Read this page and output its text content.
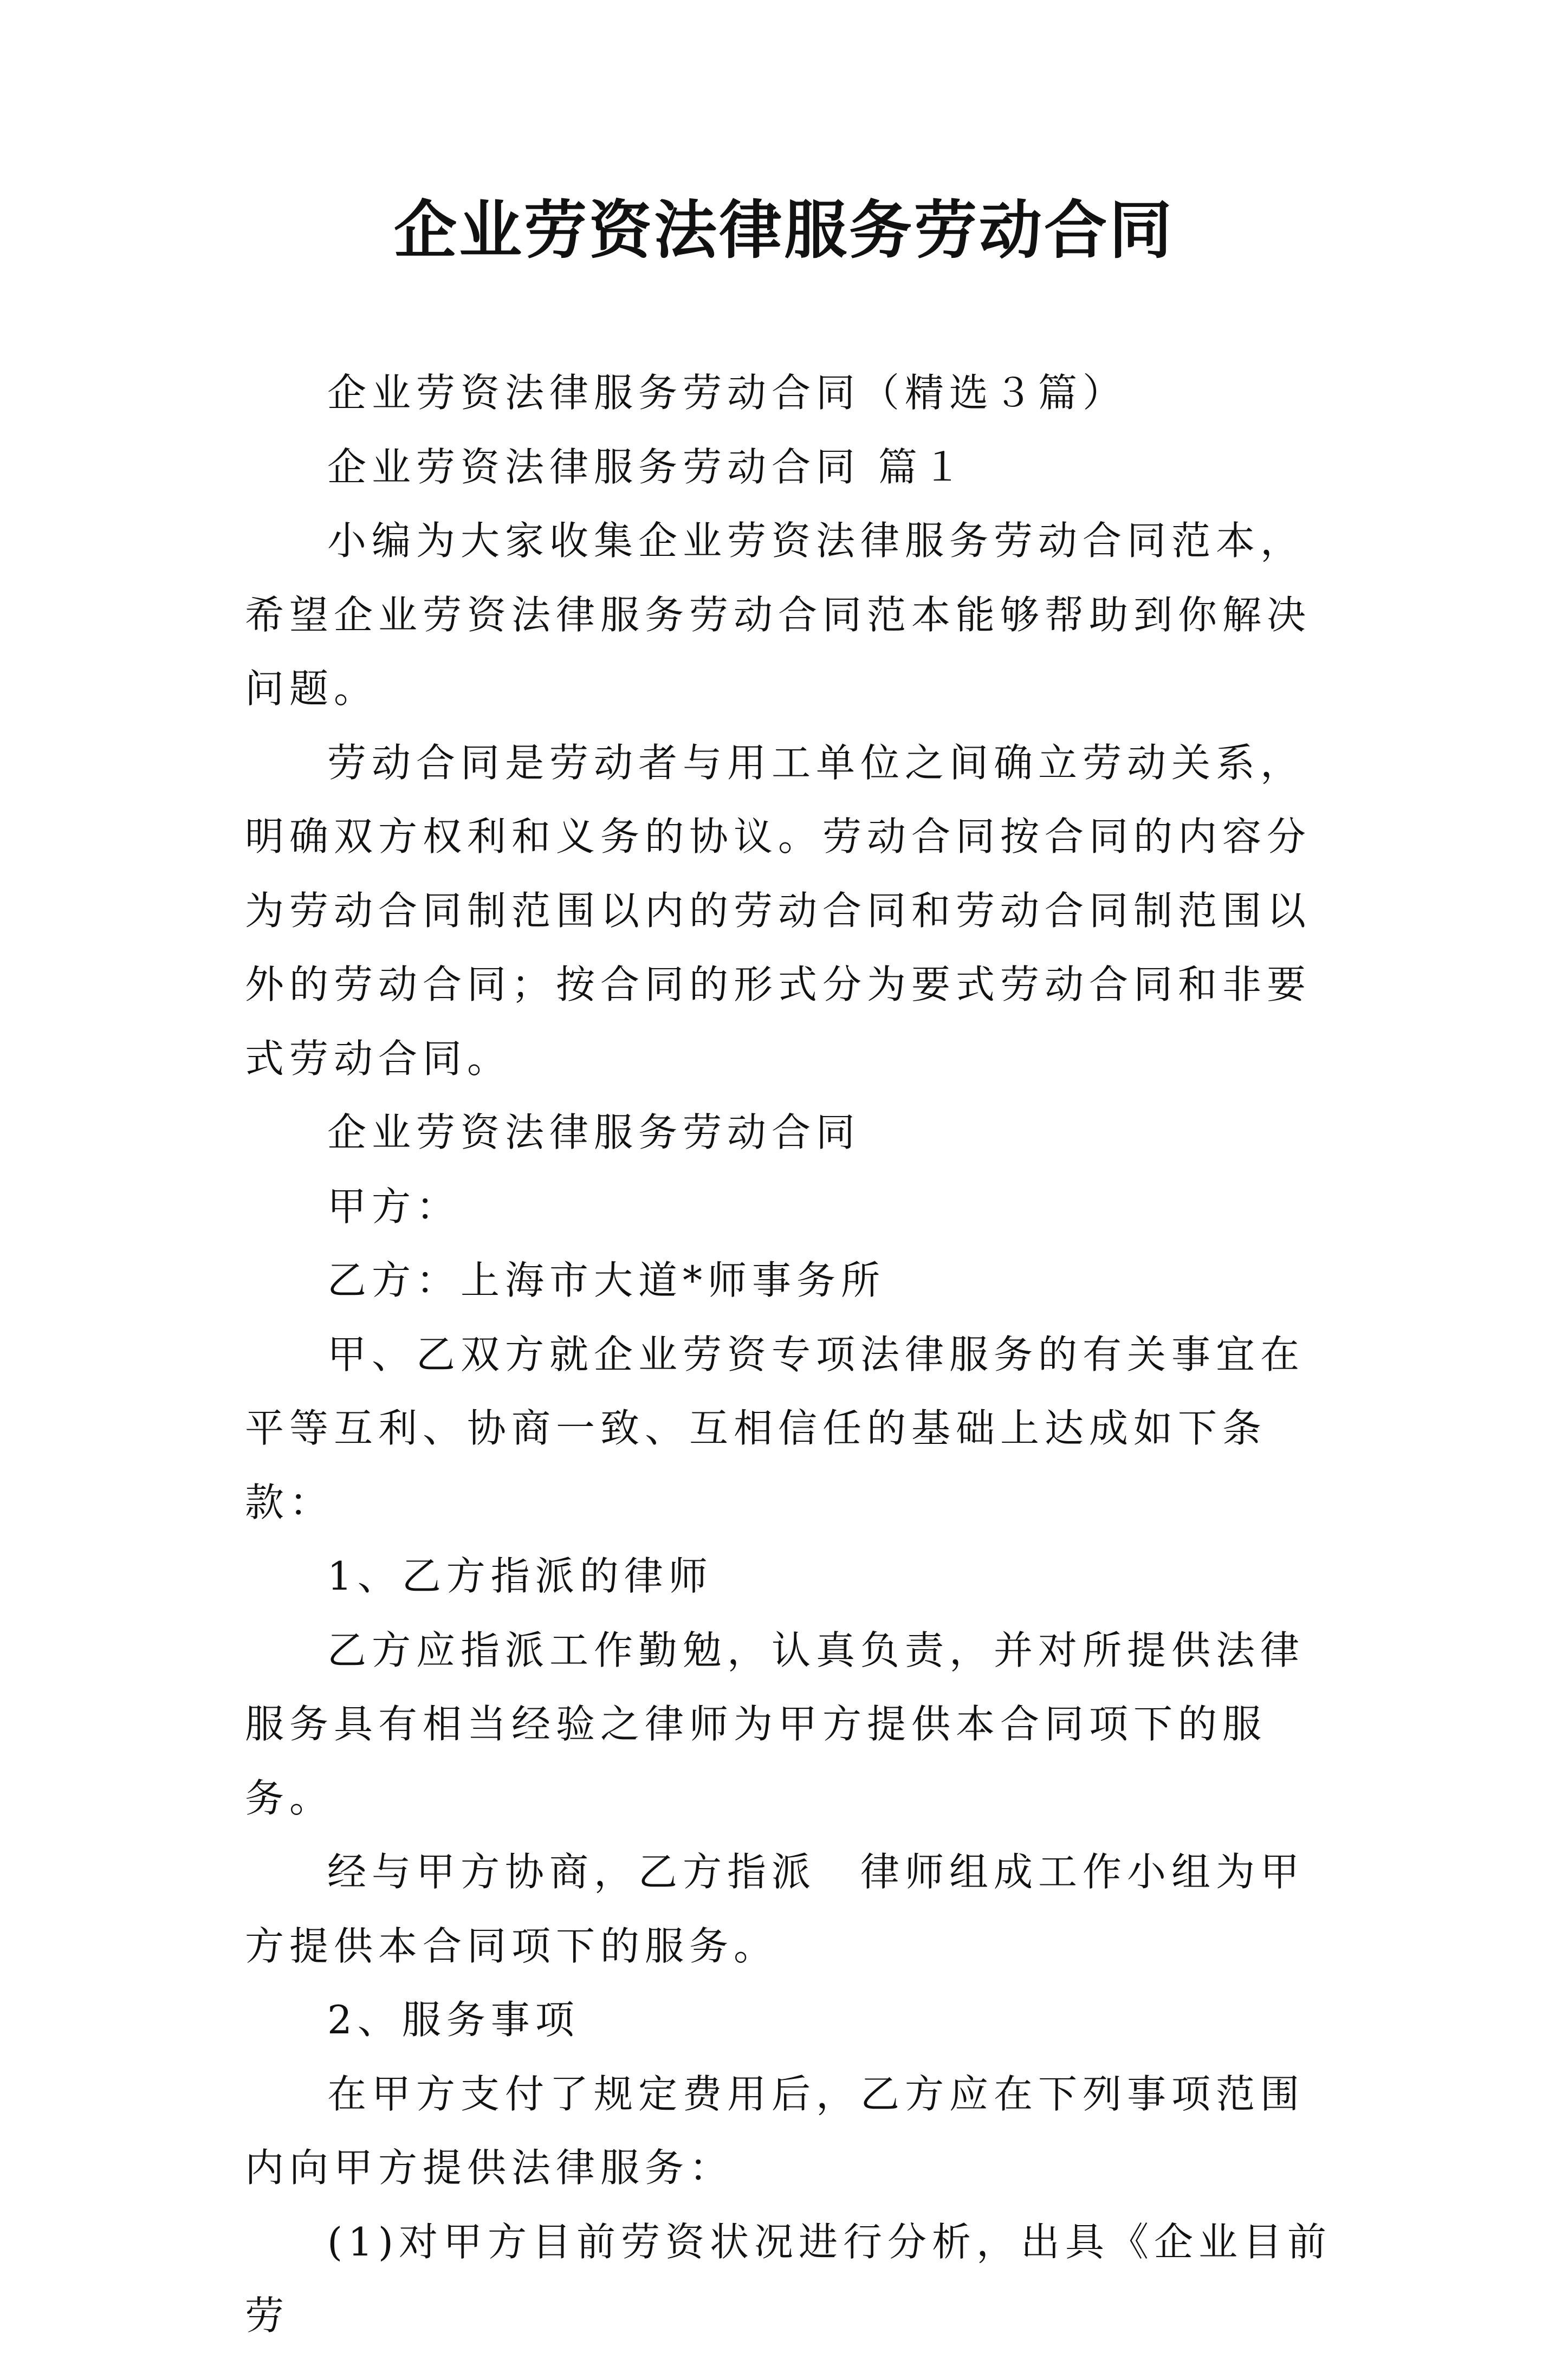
企业劳资法律服务劳动合同

企业劳资法律服务劳动合同（精选３篇）

企业劳资法律服务劳动合同 篇１

小编为大家收集企业劳资法律服务劳动合同范本，希望企业劳资法律服务劳动合同范本能够帮助到你解决问题。

劳动合同是劳动者与用工单位之间确立劳动关系，明确双方权利和义务的协议。劳动合同按合同的内容分为劳动合同制范围以内的劳动合同和劳动合同制范围以外的劳动合同；按合同的形式分为要式劳动合同和非要式劳动合同。

企业劳资法律服务劳动合同

甲方：

乙方：上海市大道*师事务所

甲、乙双方就企业劳资专项法律服务的有关事宜在平等互利、协商一致、互相信任的基础上达成如下条款：

1、乙方指派的律师

乙方应指派工作勤勉，认真负责，并对所提供法律服务具有相当经验之律师为甲方提供本合同项下的服务。

经与甲方协商，乙方指派　律师组成工作小组为甲方提供本合同项下的服务。

2、服务事项

在甲方支付了规定费用后，乙方应在下列事项范围内向甲方提供法律服务：

(1)对甲方目前劳资状况进行分析，出具《企业目前劳
